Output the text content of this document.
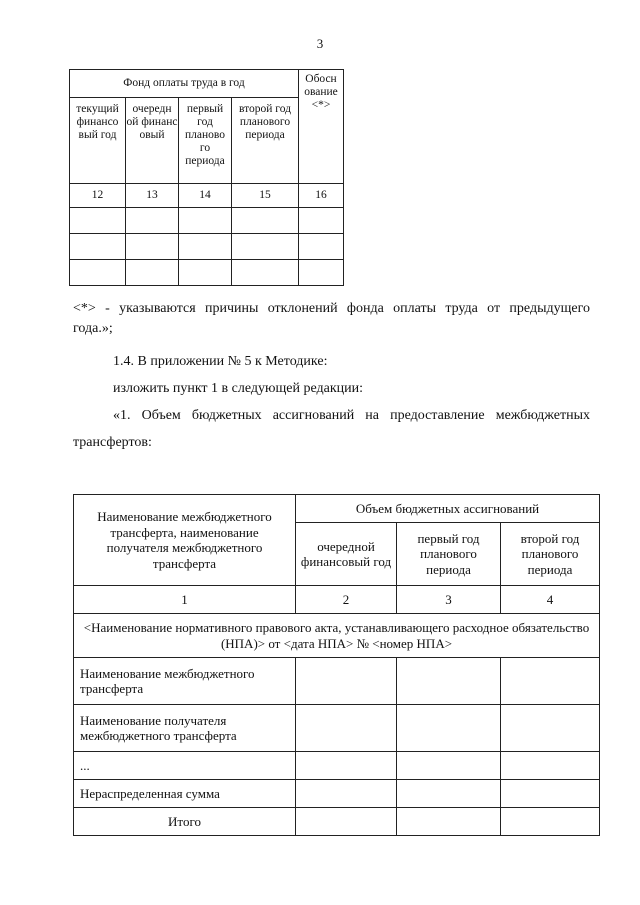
3
Фонд оплаты труда в год				Обосн ование <*>
текущий финансо вый год	очередн ой финанс овый	первый год планово го периода	второй год планового периода	
12	13	14	15	16

<*> - указываются причины отклонений фонда оплаты труда от предыдущего

года.»;

1.4. В приложении № 5 к Методике:

изложить пункт 1 в следующей редакции:

«1. Объем бюджетных ассигнований на предоставление межбюджетных

трансфертов:

Наименование межбюджетного трансферта, наименование получателя межбюджетного трансферта	Объем бюджетных ассигнований		
	очередной финансовый год	первый год планового периода	второй год планового периода
1	2	3	4
<Наименование нормативного правового акта, устанавливающего расходное обязательство (НПА)> от <дата НПА> № <номер НПА>			
Наименование межбюджетного трансферта			
Наименование получателя межбюджетного трансферта			
...			
Нераспределенная сумма			
Итого			
